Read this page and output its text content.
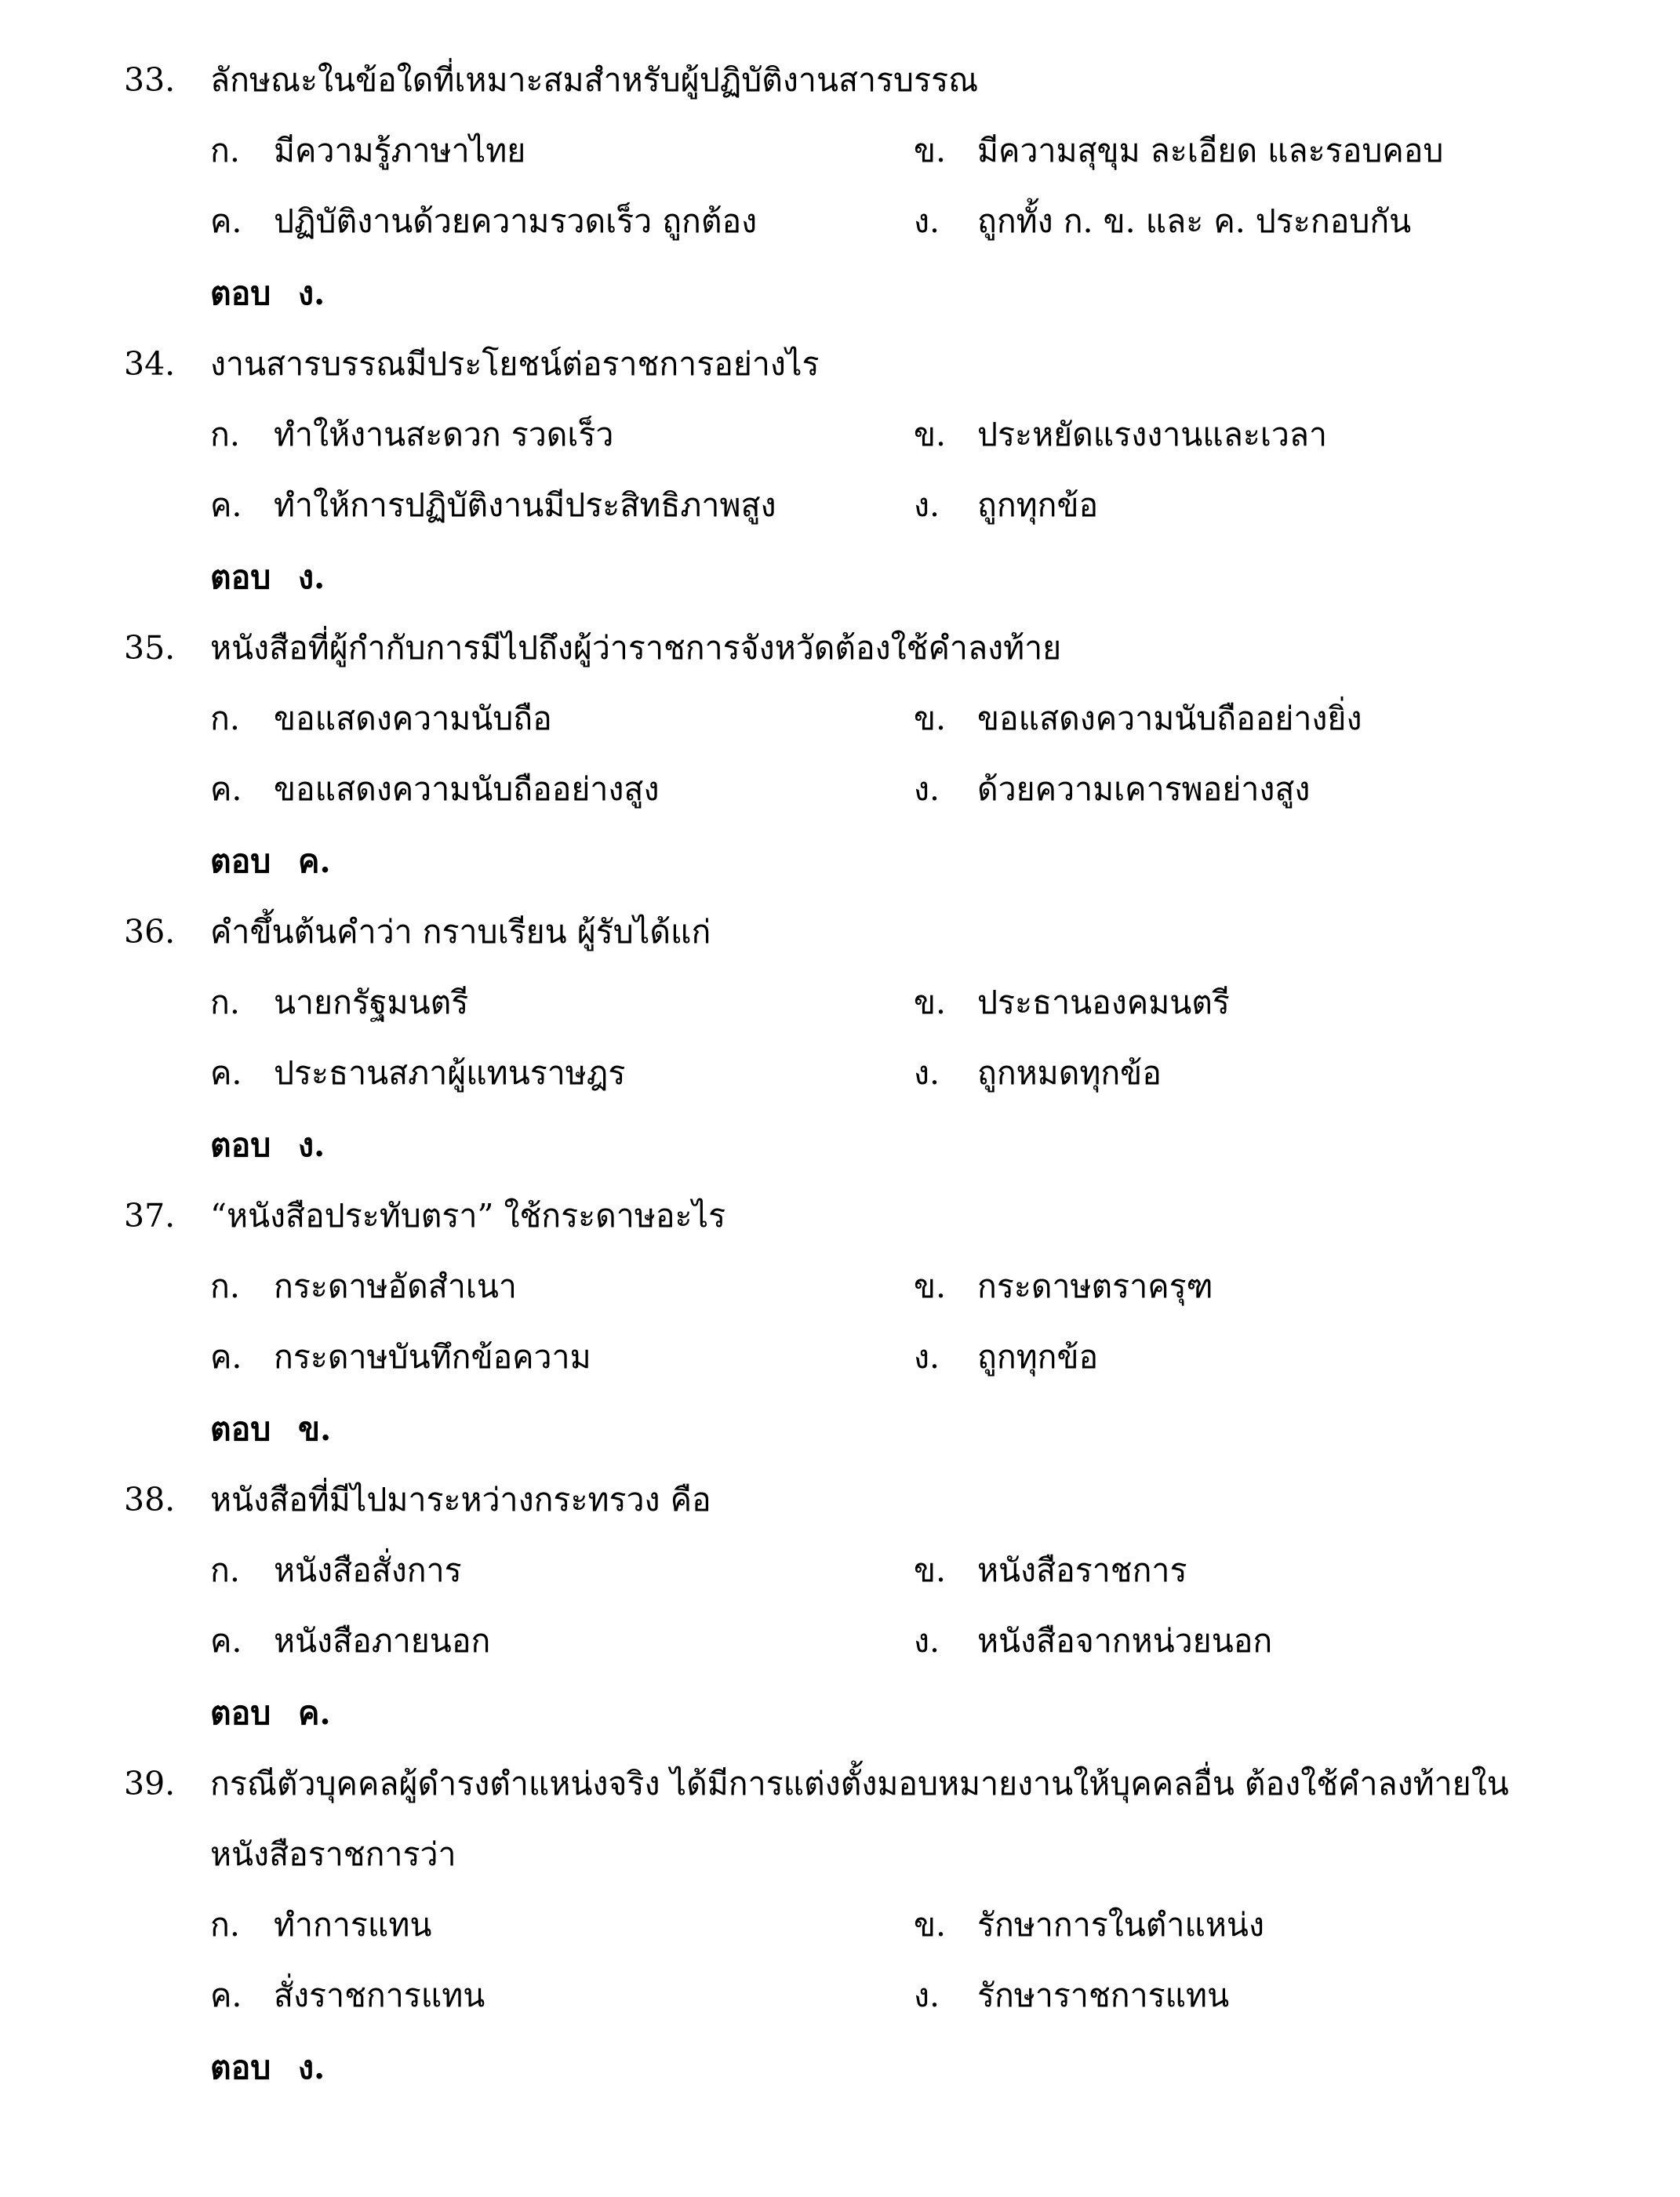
33. ลักษณะในข้อใดที่เหมาะสมสำหรับผู้ปฏิบัติงานสารบรรณ
ก. มีความรู้ภาษาไทย	ข. มีความสุขุม ละเอียด และรอบคอบ
ค. ปฏิบัติงานด้วยความรวดเร็ว ถูกต้อง	ง. ถูกทั้ง ก. ข. และ ค. ประกอบกัน
ตอบ ง.
34. งานสารบรรณมีประโยชน์ต่อราชการอย่างไร
ก. ทำให้งานสะดวก รวดเร็ว	ข. ประหยัดแรงงานและเวลา
ค. ทำให้การปฏิบัติงานมีประสิทธิภาพสูง	ง. ถูกทุกข้อ
ตอบ ง.
35. หนังสือที่ผู้กำกับการมีไปถึงผู้ว่าราชการจังหวัดต้องใช้คำลงท้าย
ก. ขอแสดงความนับถือ	ข. ขอแสดงความนับถืออย่างยิ่ง
ค. ขอแสดงความนับถืออย่างสูง	ง. ด้วยความเคารพอย่างสูง
ตอบ ค.
36. คำขึ้นต้นคำว่า กราบเรียน ผู้รับได้แก่
ก. นายกรัฐมนตรี	ข. ประธานองคมนตรี
ค. ประธานสภาผู้แทนราษฎร	ง. ถูกหมดทุกข้อ
ตอบ ง.
37. “หนังสือประทับตรา” ใช้กระดาษอะไร
ก. กระดาษอัดสำเนา	ข. กระดาษตราครุฑ
ค. กระดาษบันทึกข้อความ	ง. ถูกทุกข้อ
ตอบ ข.
38. หนังสือที่มีไปมาระหว่างกระทรวง คือ
ก. หนังสือสั่งการ	ข. หนังสือราชการ
ค. หนังสือภายนอก	ง. หนังสือจากหน่วยนอก
ตอบ ค.
39. กรณีตัวบุคคลผู้ดำรงตำแหน่งจริง ได้มีการแต่งตั้งมอบหมายงานให้บุคคลอื่น ต้องใช้คำลงท้ายใน
หนังสือราชการว่า
ก. ทำการแทน	ข. รักษาการในตำแหน่ง
ค. สั่งราชการแทน	ง. รักษาราชการแทน
ตอบ ง.
